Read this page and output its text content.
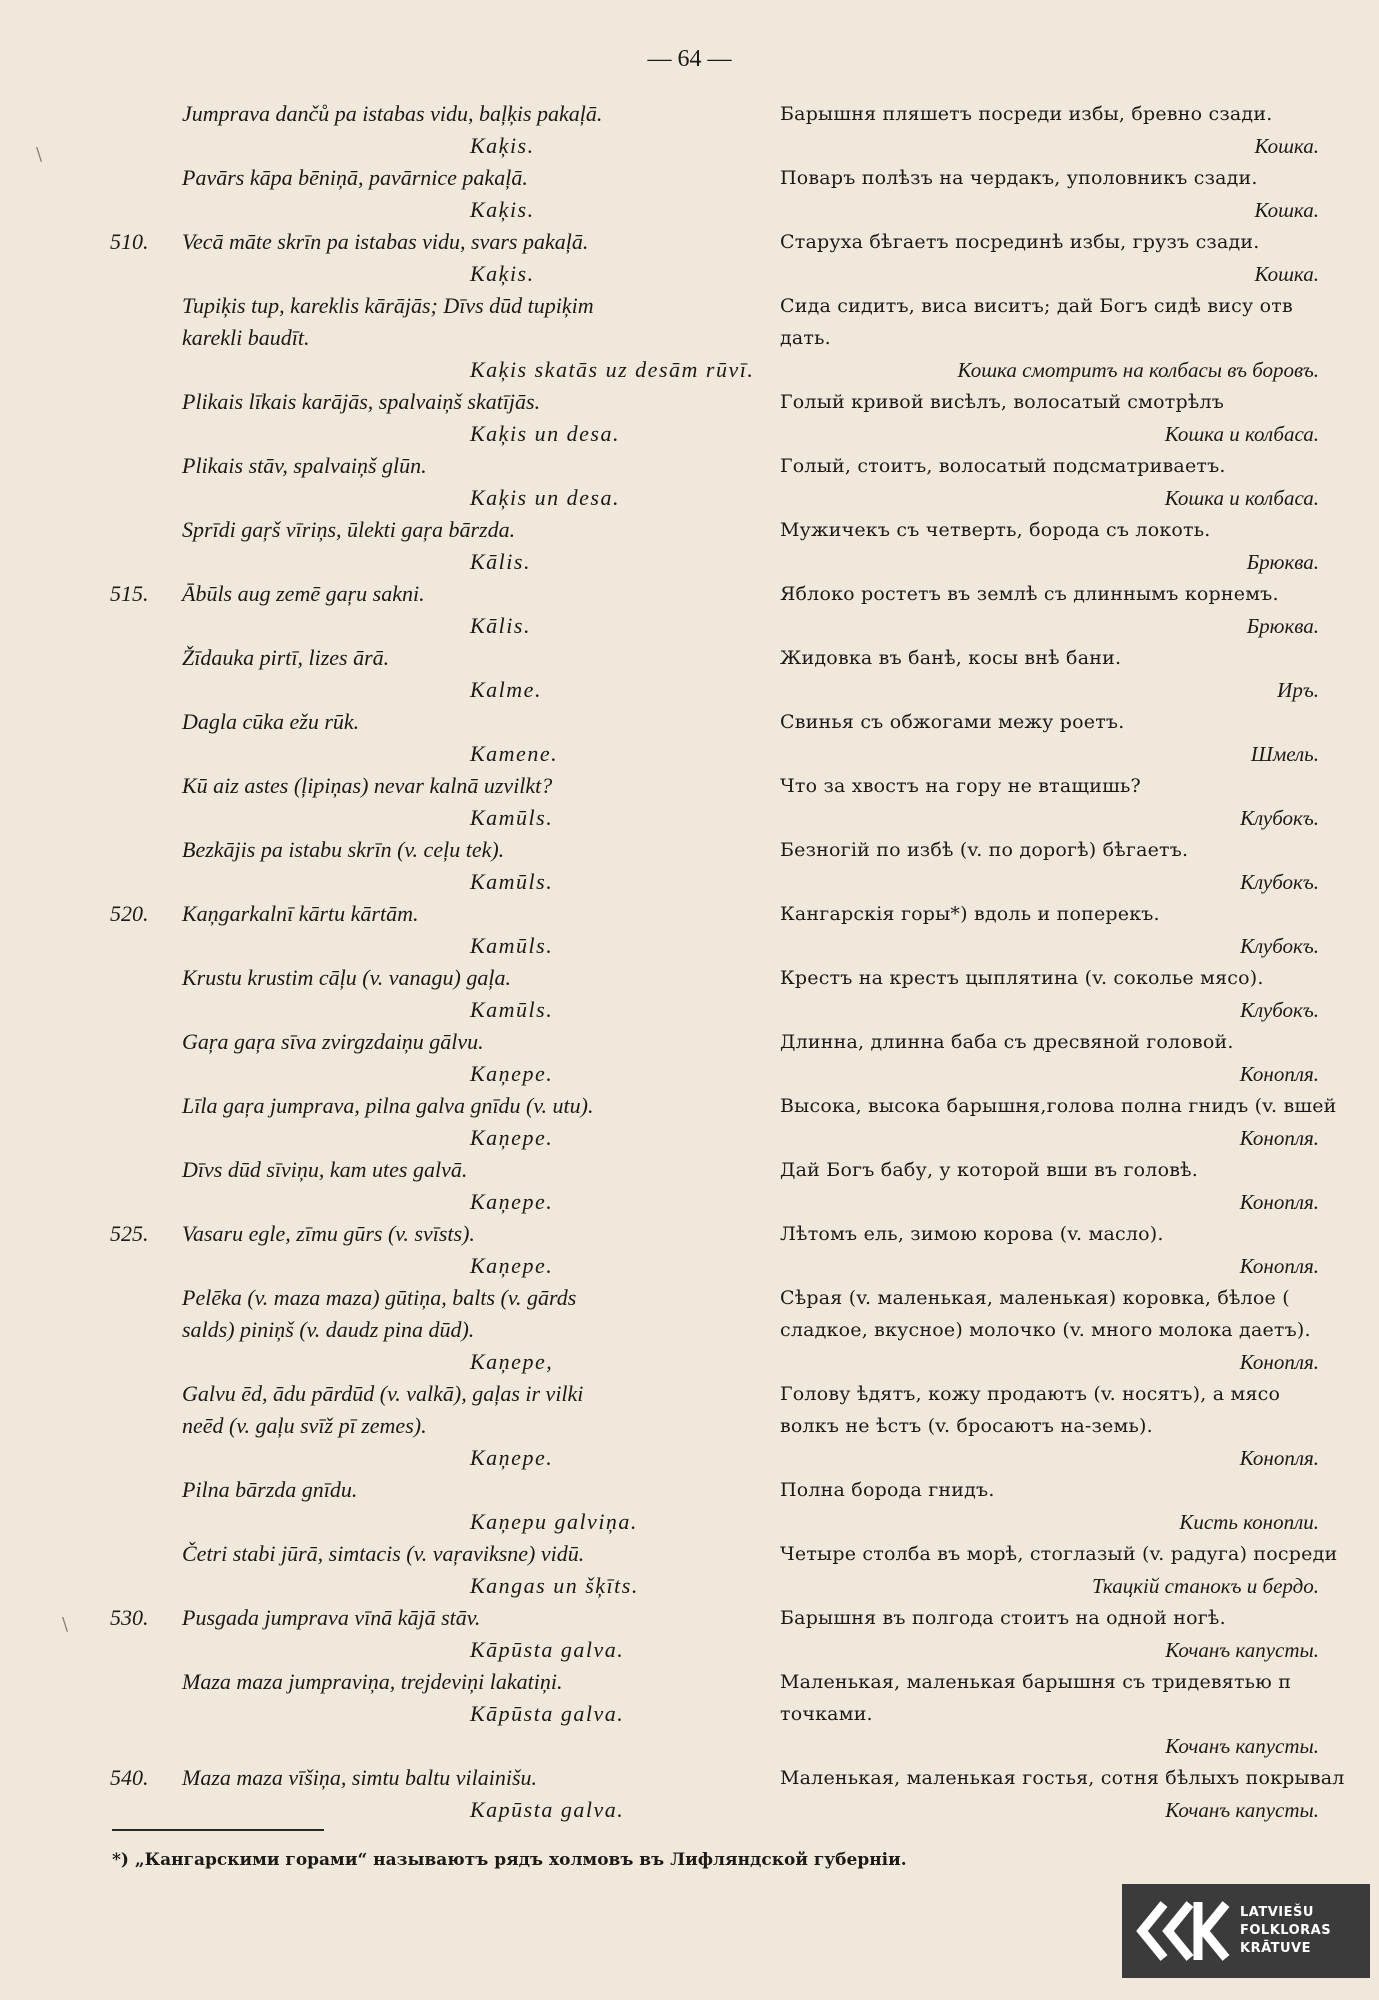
— 64 —
Jumprava dančů pa istabas vidu, baļķis pakaļā.
Kaķis.
Барышня пляшетъ посреди избы, бревно сзади.
Кошка.
Pavārs kāpa bēniņā, pavārnice pakaļā.
Kaķis.
Поваръ полѣзъ на чердакъ, уполовникъ сзади.
Кошка.
510. Vecā māte skrīn pa istabas vidu, svars pakaļā.
Kaķis.
Старуха бѣгаетъ посрединѣ избы, грузъ сзади.
Кошка.
Tupiķis tup, kareklis kārājās; Dīvs dūd tupiķim
karekli baudīt.
Kaķis skatās uz desām rūvī.
Сида сидитъ, виса виситъ; дай Богъ сидѣ вису отв
дать.
Кошка смотритъ на колбасы въ боровъ.
Plikais līkais karājās, spalvaiņš skatījās.
Kaķis un desa.
Голый кривой висѣлъ, волосатый смотрѣлъ
Кошка и колбаса.
Plikais stāv, spalvaiņš glūn.
Kaķis un desa.
Голый, стоитъ, волосатый подсматриваетъ.
Кошка и колбаса.
Sprīdi gaŗš vīriņs, ūlekti gaŗa bārzda.
Kālis.
Мужичекъ съ четверть, борода съ локоть.
Брюква.
515. Ābūls aug zemē gaŗu sakni.
Kālis.
Яблоко ростетъ въ землѣ съ длиннымъ корнемъ.
Брюква.
Žīdauka pirtī, lizes ārā.
Kalme.
Жидовка въ банѣ, косы внѣ бани.
Иръ.
Dagla cūka ežu rūk.
Kamene.
Свинья съ обжогами межу роетъ.
Шмель.
Kū aiz astes (ļipiņas) nevar kalnā uzvilkt?
Kamūls.
Что за хвостъ на гору не втащишь?
Клубокъ.
Bezkājis pa istabu skrīn (v. ceļu tek).
Kamūls.
Безногій по избѣ (v. по дорогѣ) бѣгаетъ.
Клубокъ.
520. Kaņgarkalnī kārtu kārtām.
Kamūls.
Кангарскія горы*) вдоль и поперекъ.
Клубокъ.
Krustu krustim cāļu (v. vanagu) gaļa.
Kamūls.
Крестъ на крестъ цыплятина (v. соколье мясо).
Клубокъ.
Gaŗa gaŗa sīva zvirgzdaiņu gālvu.
Kaņepe.
Длинна, длинна баба съ дресвяной головой.
Конопля.
Līla gaŗa jumprava, pilna galva gnīdu (v. utu).
Kaņepe.
Высока, высока барышня,голова полна гнидъ (v. вшей
Конопля.
Dīvs dūd sīviņu, kam utes galvā.
Kaņepe.
Дай Богъ бабу, у которой вши въ головѣ.
Конопля.
525. Vasaru egle, zīmu gūrs (v. svīsts).
Kaņepe.
Лѣтомъ ель, зимою корова (v. масло).
Конопля.
Pelēka (v. maza maza) gūtiņa, balts (v. gārds
salds) piniņš (v. daudz pina dūd).
Kaņepe,
Сѣрая (v. маленькая, маленькая) коровка, бѣлое (
сладкое, вкусное) молочко (v. много молока даетъ).
Конопля.
Galvu ēd, ādu pārdūd (v. valkā), gaļas ir vilki
neēd (v. gaļu svīž pī zemes).
Kaņepe.
Голову ѣдятъ, кожу продаютъ (v. носятъ), а мясо
волкъ не ѣстъ (v. бросаютъ на-земь).
Конопля.
Pilna bārzda gnīdu.
Kaņepu galviņa.
Полна борода гнидъ.
Кисть конопли.
Četri stabi jūrā, simtacis (v. vaŗaviksne) vidū.
Kangas un šķīts.
Четыре столба въ морѣ, стоглазый (v. радуга) посреди
Ткацкій станокъ и бердо.
530. Pusgada jumprava vīnā kājā stāv.
Kāpūsta galva.
Барышня въ полгода стоитъ на одной ногѣ.
Кочанъ капусты.
Maza maza jumpraviņa, trejdeviņi lakatiņi.
Kāpūsta galva.
Маленькая, маленькая барышня съ тридевятью п
точками.
Кочанъ капусты.
540. Maza maza vīšiņa, simtu baltu vilainišu.
Kapūsta galva.
Маленькая, маленькая гостья, сотня бѣлыхъ покрывал
Кочанъ капусты.
*) „Кангарскими горами“ называютъ рядъ холмовъ въ Лифляндской губерніи.
\
\
LATVIEŠU
FOLKLORAS
KRĀTUVE
